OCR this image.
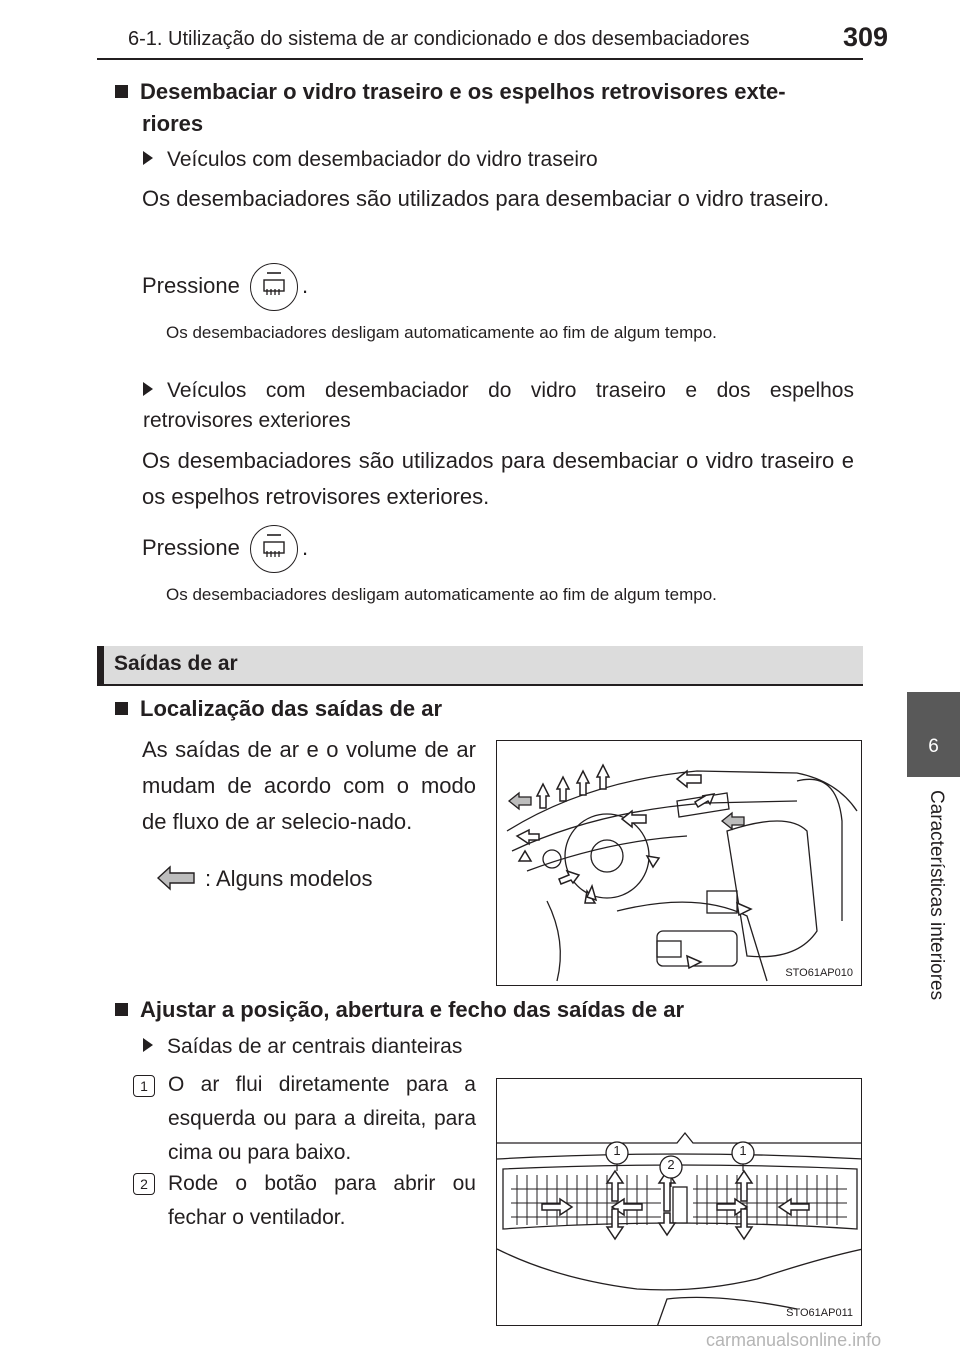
6-1. Utilização do sistema de ar condicionado e dos desembaciadores	309
6
Características interiores
Desembaciar o vidro traseiro e os espelhos retrovisores exte-
riores
Veículos com desembaciador do vidro traseiro
Os desembaciadores são utilizados para desembaciar o vidro traseiro.
Pressione	.
Os desembaciadores desligam automaticamente ao fim de algum tempo.
Veículos com desembaciador do vidro traseiro e dos espelhos retrovisores exteriores
Os desembaciadores são utilizados para desembaciar o vidro traseiro e os espelhos retrovisores exteriores.
Pressione	.
Os desembaciadores desligam automaticamente ao fim de algum tempo.
Saídas de ar
Localização das saídas de ar
As saídas de ar e o volume de ar mudam de acordo com o modo de fluxo de ar selecio-nado.
: Alguns modelos
STO61AP010
Ajustar a posição, abertura e fecho das saídas de ar
Saídas de ar centrais dianteiras
1 O ar flui diretamente para a esquerda ou para a direita, para cima ou para baixo.
2 Rode o botão para abrir ou fechar o ventilador.
1
2
1
STO61AP011
carmanualsonline.info
